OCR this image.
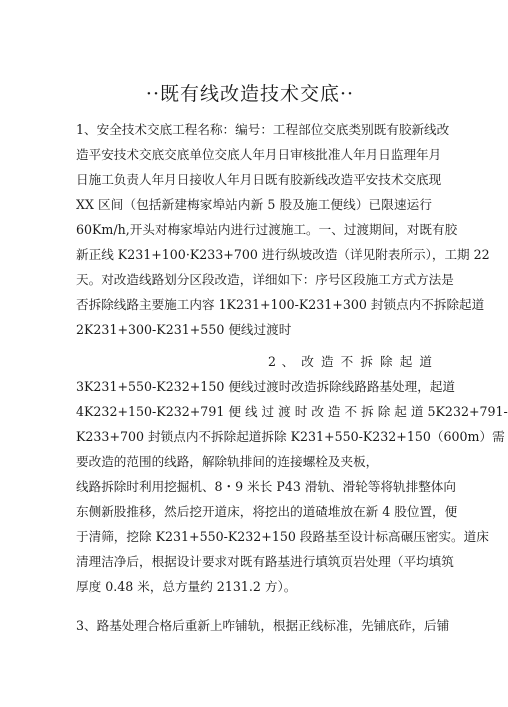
··既有线改造技术交底··
1、安全技术交底工程名称：编号：工程部位交底类别既有胶新线改
造平安技术交底交底单位交底人年月日审核批准人年月日监理年月
日施工负责人年月日接收人年月日既有胶新线改造平安技术交底现
XX 区间（包括新建梅家埠站内新 5 股及施工便线）已限速运行
60Km/h,开头对梅家埠站内进行过渡施工。一、过渡期间，对既有胶
新正线 K231+100·K233+700 进行纵坡改造（详见附表所示），工期 22
天。对改造线路划分区段改造，详细如下：序号区段施工方式方法是
否拆除线路主要施工内容 1K231+100-K231+300 封锁点内不拆除起道
2K231+300-K231+550 便线过渡时
2 、 改 造 不 拆 除 起 道
3K231+550-K232+150 便线过渡时改造拆除线路路基处理，起道
4K232+150-K232+791 便 线 过 渡 时 改 造 不 拆 除 起 道 5K232+791-
K233+700 封锁点内不拆除起道拆除 K231+550-K232+150（600m）需
要改造的范围的线路，解除轨排间的连接螺栓及夹板，
线路拆除时利用挖掘机、8・9 米长 P43 滑轨、滑轮等将轨排整体向
东侧新股推移，然后挖开道床，将挖出的道碴堆放在新 4 股位置，便
于清筛，挖除 K231+550-K232+150 段路基至设计标高碾压密实。道床
清理洁净后，根据设计要求对既有路基进行填筑页岩处理（平均填筑
厚度 0.48 米，总方量约 2131.2 方）。
3、路基处理合格后重新上咋铺轨，根据正线标准，先铺底砟，后铺
